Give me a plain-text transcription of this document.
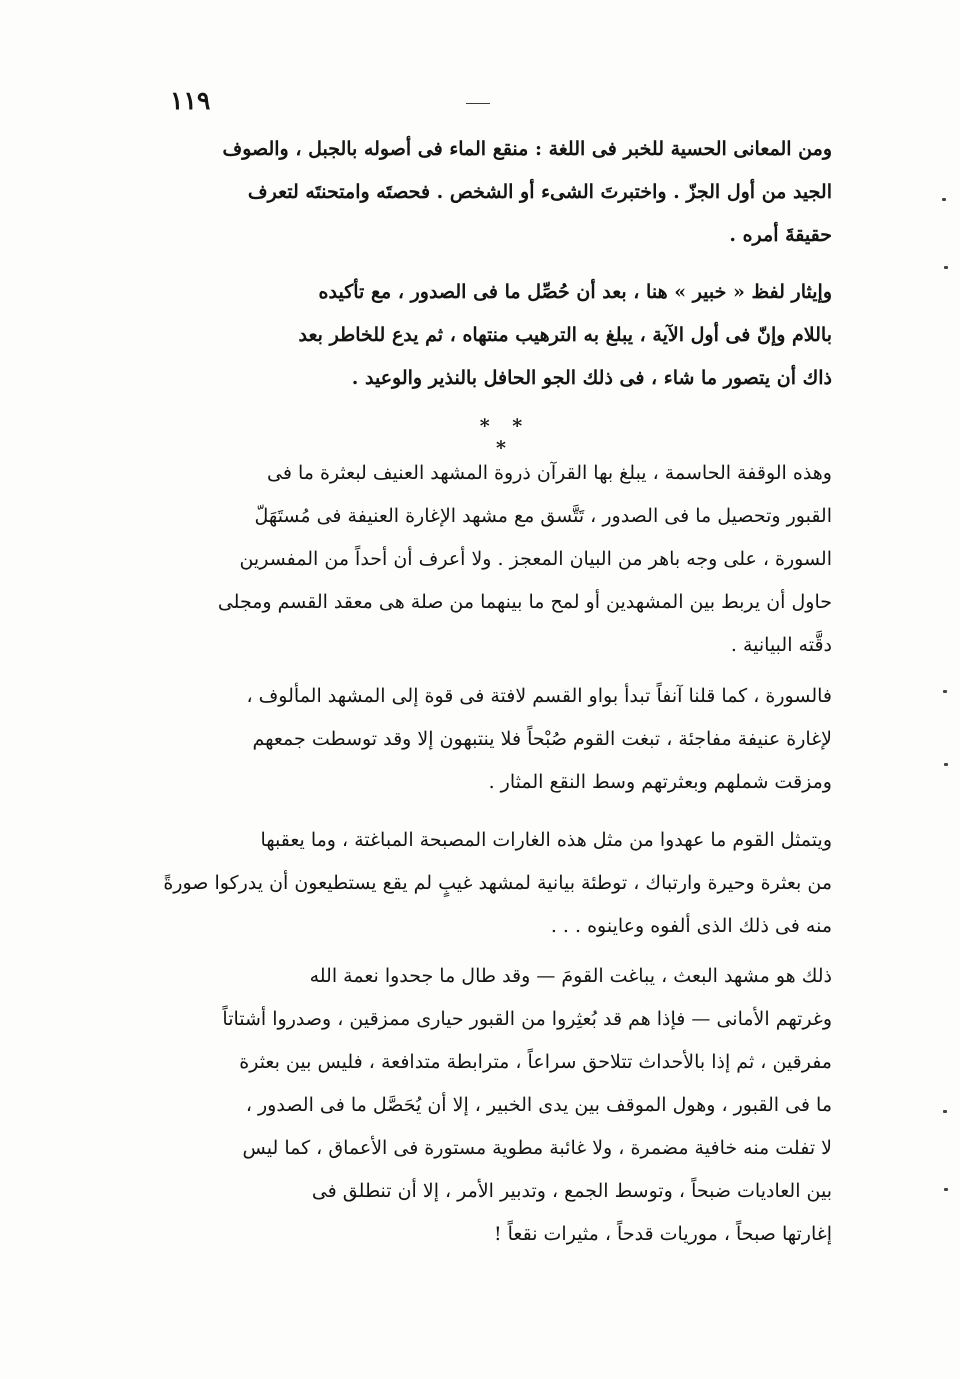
١١٩
ومن المعانى الحسية للخبر فى اللغة : منقع الماء فى أصوله بالجبل ، والصوف
الجيد من أول الجزّ . واختبرتَ الشىء أو الشخص . فحصتَه وامتحنتَه لتعرف
حقيقةَ أمره .
وإيثار لفظ « خبير » هنا ، بعد أن حُصِّل ما فى الصدور ، مع تأكيده
باللام وإنّ فى أول الآية ، يبلغ به الترهيب منتهاه ، ثم يدع للخاطر بعد
ذاك أن يتصور ما شاء ، فى ذلك الجو الحافل بالنذير والوعيد .
* * *
وهذه الوقفة الحاسمة ، يبلغ بها القرآن ذروة المشهد العنيف لبعثرة ما فى
القبور وتحصيل ما فى الصدور ، تَتَّسق مع مشهد الإغارة العنيفة فى مُستَهَلّ
السورة ، على وجه باهر من البيان المعجز . ولا أعرف أن أحداً من المفسرين
حاول أن يربط بين المشهدين أو لمح ما بينهما من صلة هى معقد القسم ومجلى
دقَّته البيانية .
فالسورة ، كما قلنا آنفاً تبدأ بواو القسم لافتة فى قوة إلى المشهد المألوف ،
لإغارة عنيفة مفاجئة ، تبغت القوم صُبْحاً فلا ينتبهون إلا وقد توسطت جمعهم
ومزقت شملهم وبعثرتهم وسط النقع المثار .
ويتمثل القوم ما عهدوا من مثل هذه الغارات المصبحة المباغتة ، وما يعقبها
من بعثرة وحيرة وارتباك ، توطئة بيانية لمشهد غيبٍ لم يقع يستطيعون أن يدركوا صورةً
منه فى ذلك الذى ألفوه وعاينوه . . .
ذلك هو مشهد البعث ، يباغت القومَ — وقد طال ما جحدوا نعمة الله
وغرتهم الأمانى — فإذا هم قد بُعثِروا من القبور حيارى ممزقين ، وصدروا أشتاتاً
مفرقين ، ثم إذا بالأحداث تتلاحق سراعاً ، مترابطة متدافعة ، فليس بين بعثرة
ما فى القبور ، وهول الموقف بين يدى الخبير ، إلا أن يُحَصَّل ما فى الصدور ،
لا تفلت منه خافية مضمرة ، ولا غائبة مطوية مستورة فى الأعماق ، كما ليس
بين العاديات ضبحاً ، وتوسط الجمع ، وتدبير الأمر ، إلا أن تنطلق فى
إغارتها صبحاً ، موريات قدحاً ، مثيرات نقعاً !
